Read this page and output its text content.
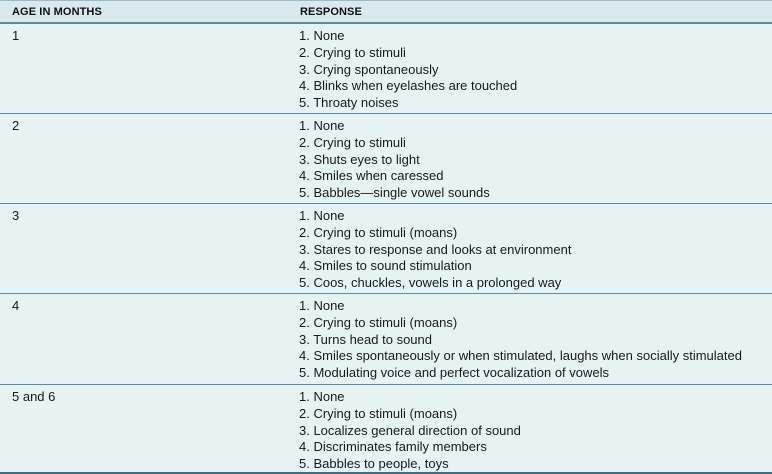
AGE IN MONTHS	RESPONSE
1	1. None
2. Crying to stimuli
3. Crying spontaneously
4. Blinks when eyelashes are touched
5. Throaty noises
2	1. None
2. Crying to stimuli
3. Shuts eyes to light
4. Smiles when caressed
5. Babbles—single vowel sounds
3	1. None
2. Crying to stimuli (moans)
3. Stares to response and looks at environment
4. Smiles to sound stimulation
5. Coos, chuckles, vowels in a prolonged way
4	1. None
2. Crying to stimuli (moans)
3. Turns head to sound
4. Smiles spontaneously or when stimulated, laughs when socially stimulated
5. Modulating voice and perfect vocalization of vowels
5 and 6	1. None
2. Crying to stimuli (moans)
3. Localizes general direction of sound
4. Discriminates family members
5. Babbles to people, toys
